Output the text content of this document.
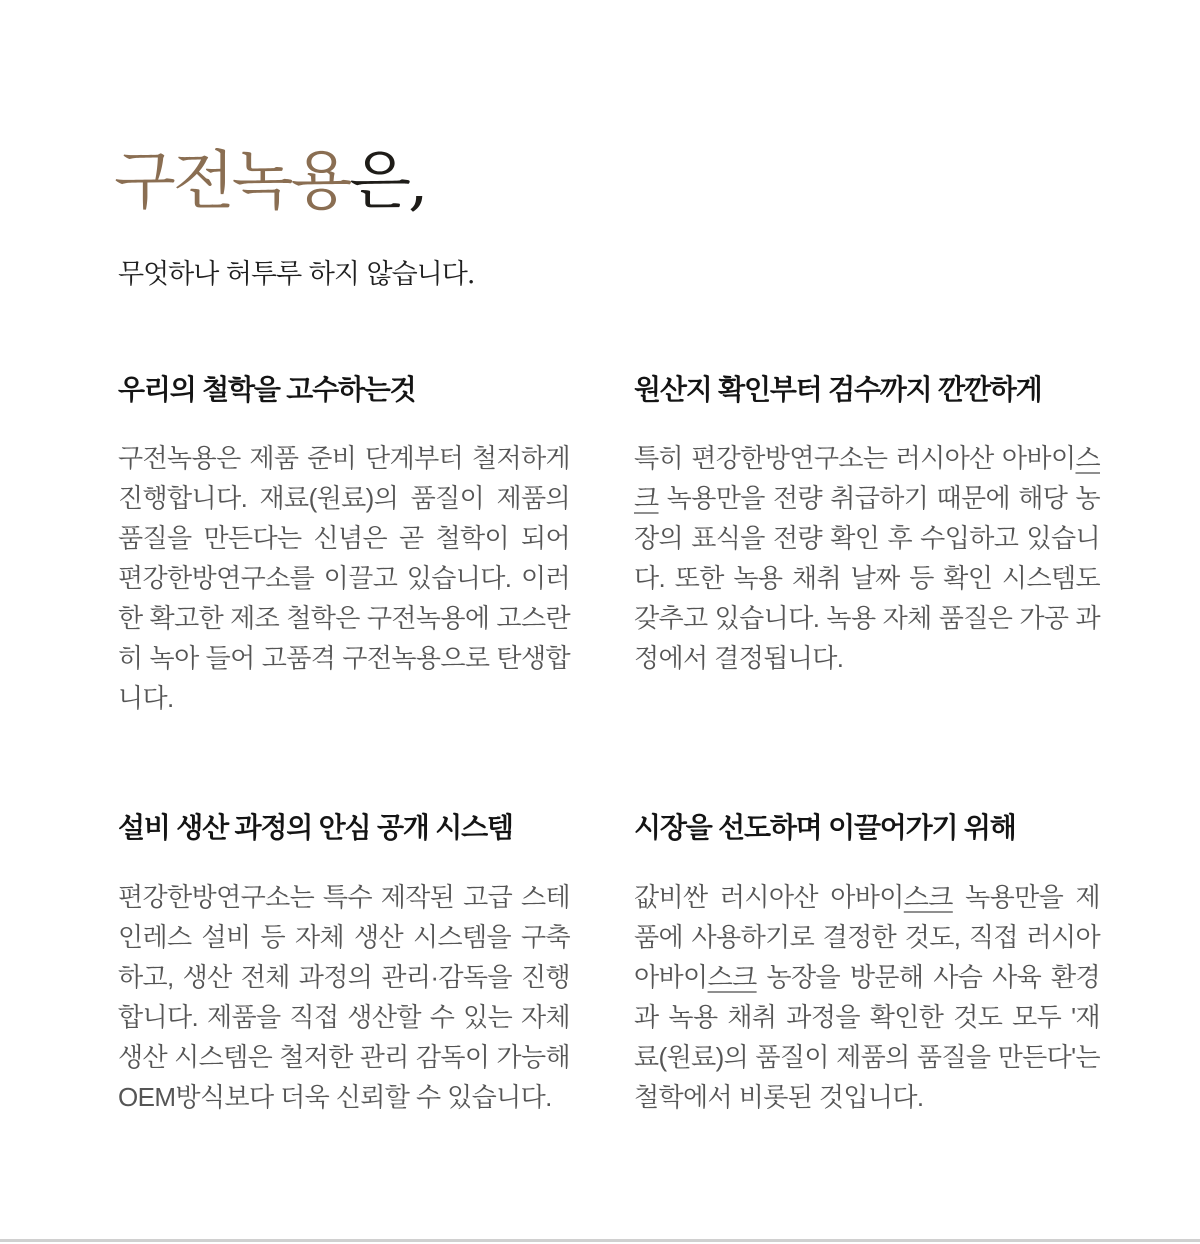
구전녹용은,

무엇하나 허투루 하지 않습니다.

우리의 철학을 고수하는것

구전녹용은 제품 준비 단계부터 철저하게 진행합니다. 재료(원료)의 품질이 제품의 품질을 만든다는 신념은 곧 철학이 되어 편강한방연구소를 이끌고 있습니다. 이러한 확고한 제조 철학은 구전녹용에 고스란히 녹아 들어 고품격 구전녹용으로 탄생합니다.

원산지 확인부터 검수까지 깐깐하게

특히 편강한방연구소는 러시아산 아바이스크 녹용만을 전량 취급하기 때문에 해당 농장의 표식을 전량 확인 후 수입하고 있습니다. 또한 녹용 채취 날짜 등 확인 시스템도 갖추고 있습니다. 녹용 자체 품질은 가공 과정에서 결정됩니다.

설비 생산 과정의 안심 공개 시스템

편강한방연구소는 특수 제작된 고급 스테인레스 설비 등 자체 생산 시스템을 구축하고, 생산 전체 과정의 관리·감독을 진행합니다. 제품을 직접 생산할 수 있는 자체 생산 시스템은 철저한 관리 감독이 가능해 OEM방식보다 더욱 신뢰할 수 있습니다.

시장을 선도하며 이끌어가기 위해

값비싼 러시아산 아바이스크 녹용만을 제품에 사용하기로 결정한 것도, 직접 러시아 아바이스크 농장을 방문해 사슴 사육 환경과 녹용 채취 과정을 확인한 것도 모두 '재료(원료)의 품질이 제품의 품질을 만든다'는 철학에서 비롯된 것입니다.
